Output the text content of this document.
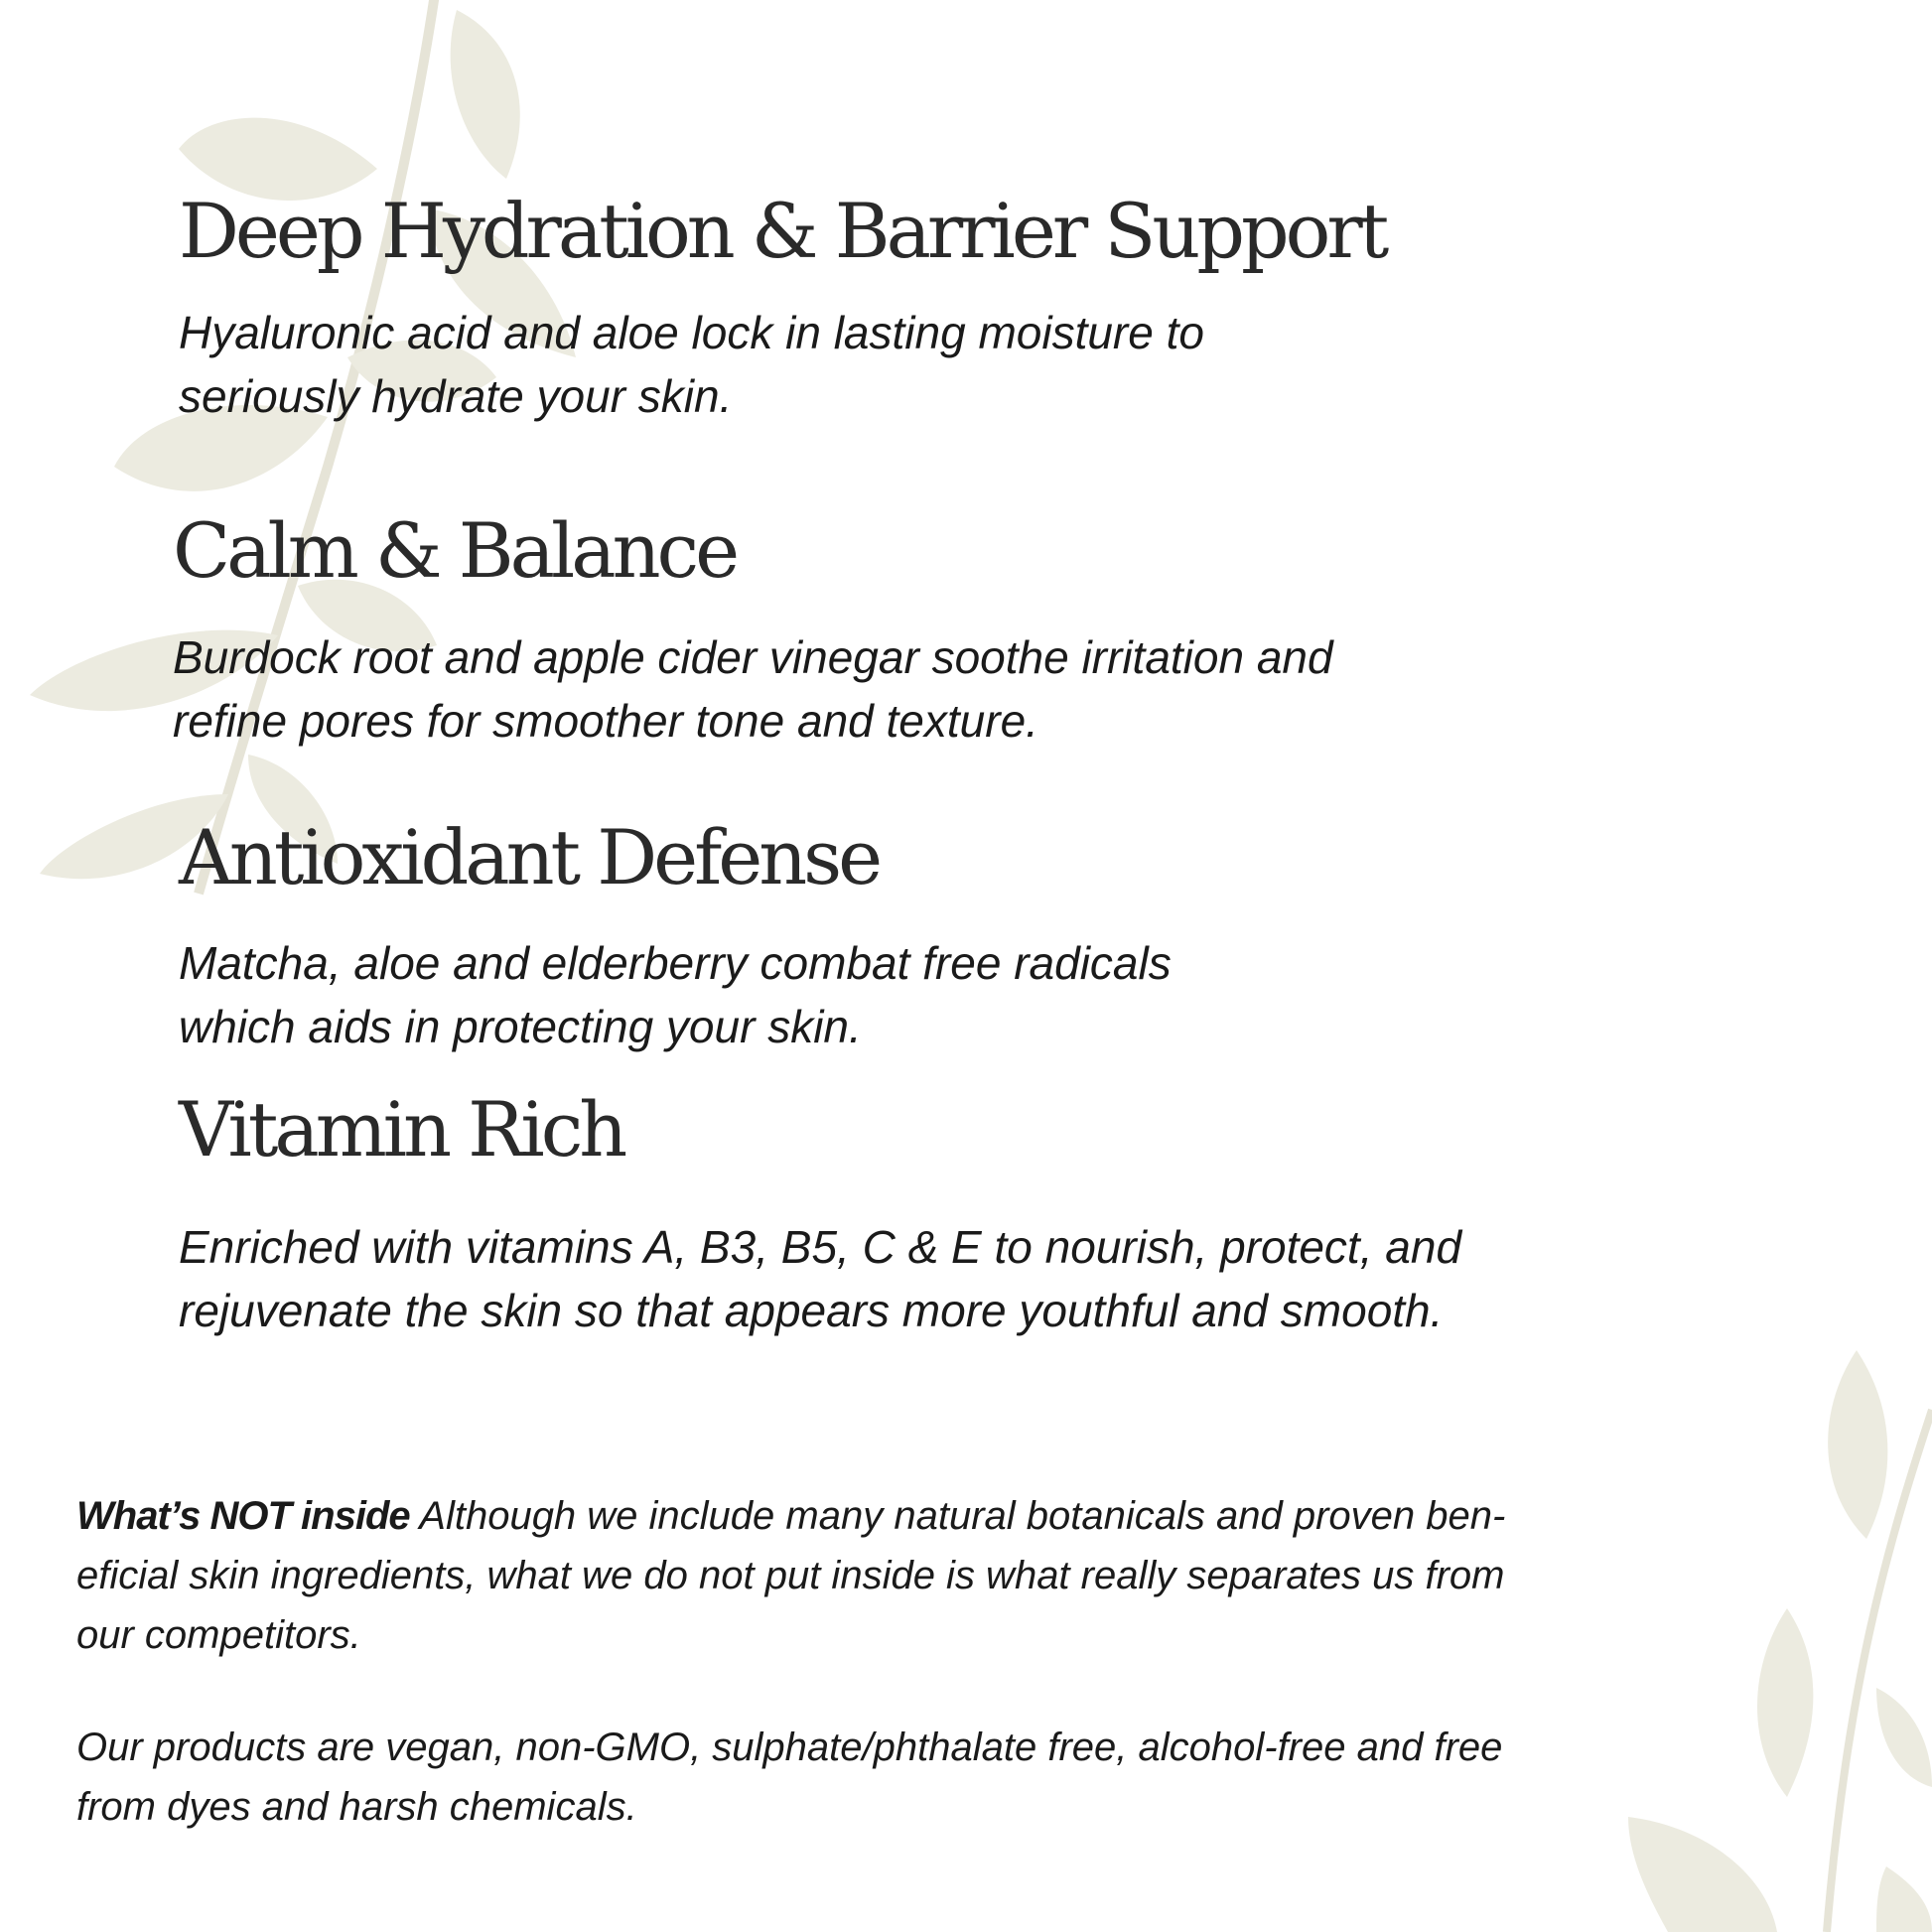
Deep Hydration & Barrier Support

Hyaluronic acid and aloe lock in lasting moisture to
seriously hydrate your skin.

Calm & Balance

Burdock root and apple cider vinegar soothe irritation and
refine pores for smoother tone and texture.

Antioxidant Defense

Matcha, aloe and elderberry combat free radicals
which aids in protecting your skin.

Vitamin Rich

Enriched with vitamins A, B3, B5, C & E to nourish, protect, and
rejuvenate the skin so that appears more youthful and smooth.

What’s NOT inside Although we include many natural botanicals and proven ben-
eficial skin ingredients, what we do not put inside is what really separates us from
our competitors.

Our products are vegan, non-GMO, sulphate/phthalate free, alcohol-free and free
from dyes and harsh chemicals.
